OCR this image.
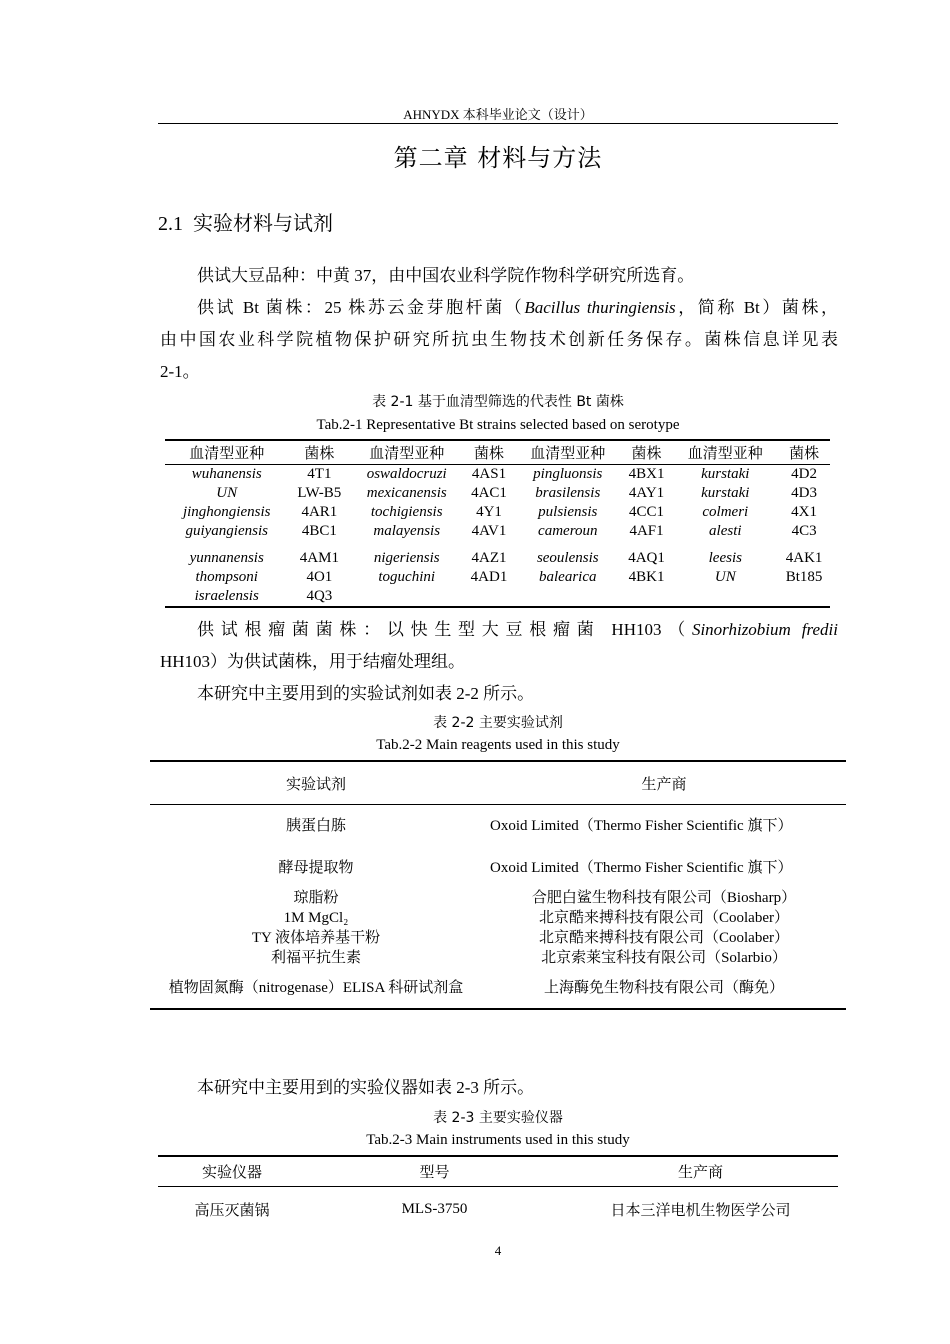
AHNYDX 本科毕业论文（设计）
第二章 材料与方法
2.1 实验材料与试剂
供试大豆品种：中黄 37，由中国农业科学院作物科学研究所选育。
供试 Bt 菌株：25 株苏云金芽胞杆菌（Bacillus thuringiensis，简称 Bt）菌株，
由中国农业科学院植物保护研究所抗虫生物技术创新任务保存。菌株信息详见表
2-1。
表 2-1 基于血清型筛选的代表性 Bt 菌株
Tab.2-1 Representative Bt strains selected based on serotype
血清型亚种	菌株	血清型亚种	菌株	血清型亚种	菌株	血清型亚种	菌株
wuhanensis	4T1	oswaldocruzi	4AS1	pingluonsis	4BX1	kurstaki	4D2
UN	LW-B5	mexicanensis	4AC1	brasilensis	4AY1	kurstaki	4D3
jinghongiensis	4AR1	tochigiensis	4Y1	pulsiensis	4CC1	colmeri	4X1
guiyangiensis	4BC1	malayensis	4AV1	cameroun	4AF1	alesti	4C3
yunnanensis	4AM1	nigeriensis	4AZ1	seoulensis	4AQ1	leesis	4AK1
thompsoni	4O1	toguchini	4AD1	balearica	4BK1	UN	Bt185
israelensis	4Q3						
供试根瘤菌菌株：以快生型大豆根瘤菌 HH103（Sinorhizobium fredii
HH103）为供试菌株，用于结瘤处理组。
本研究中主要用到的实验试剂如表 2-2 所示。
表 2-2 主要实验试剂
Tab.2-2 Main reagents used in this study
实验试剂	生产商
胰蛋白胨	Oxoid Limited（Thermo Fisher Scientific 旗下）
酵母提取物	Oxoid Limited（Thermo Fisher Scientific 旗下）
琼脂粉	合肥白鲨生物科技有限公司（Biosharp）
1M MgCl₂	北京酷来搏科技有限公司（Coolaber）
TY 液体培养基干粉	北京酷来搏科技有限公司（Coolaber）
利福平抗生素	北京索莱宝科技有限公司（Solarbio）
植物固氮酶（nitrogenase）ELISA 科研试剂盒	上海酶免生物科技有限公司（酶免）
本研究中主要用到的实验仪器如表 2-3 所示。
表 2-3 主要实验仪器
Tab.2-3 Main instruments used in this study
实验仪器	型号	生产商
高压灭菌锅	MLS-3750	日本三洋电机生物医学公司
4
